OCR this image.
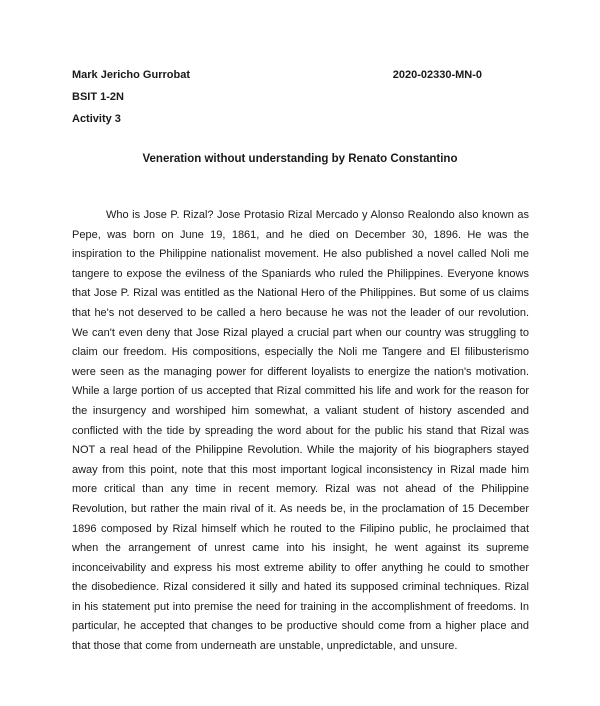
Mark Jericho Gurrobat	2020-02330-MN-0
BSIT 1-2N
Activity 3
Veneration without understanding by Renato Constantino

Who is Jose P. Rizal? Jose Protasio Rizal Mercado y Alonso Realondo also known as Pepe, was born on June 19, 1861, and he died on December 30, 1896. He was the inspiration to the Philippine nationalist movement. He also published a novel called Noli me tangere to expose the evilness of the Spaniards who ruled the Philippines. Everyone knows that Jose P. Rizal was entitled as the National Hero of the Philippines. But some of us claims that he's not deserved to be called a hero because he was not the leader of our revolution. We can't even deny that Jose Rizal played a crucial part when our country was struggling to claim our freedom. His compositions, especially the Noli me Tangere and El filibusterismo were seen as the managing power for different loyalists to energize the nation's motivation. While a large portion of us accepted that Rizal committed his life and work for the reason for the insurgency and worshiped him somewhat, a valiant student of history ascended and conflicted with the tide by spreading the word about for the public his stand that Rizal was NOT a real head of the Philippine Revolution. While the majority of his biographers stayed away from this point, note that this most important logical inconsistency in Rizal made him more critical than any time in recent memory. Rizal was not ahead of the Philippine Revolution, but rather the main rival of it. As needs be, in the proclamation of 15 December 1896 composed by Rizal himself which he routed to the Filipino public, he proclaimed that when the arrangement of unrest came into his insight, he went against its supreme inconceivability and express his most extreme ability to offer anything he could to smother the disobedience. Rizal considered it silly and hated its supposed criminal techniques. Rizal in his statement put into premise the need for training in the accomplishment of freedoms. In particular, he accepted that changes to be productive should come from a higher place and that those that come from underneath are unstable, unpredictable, and unsure.
